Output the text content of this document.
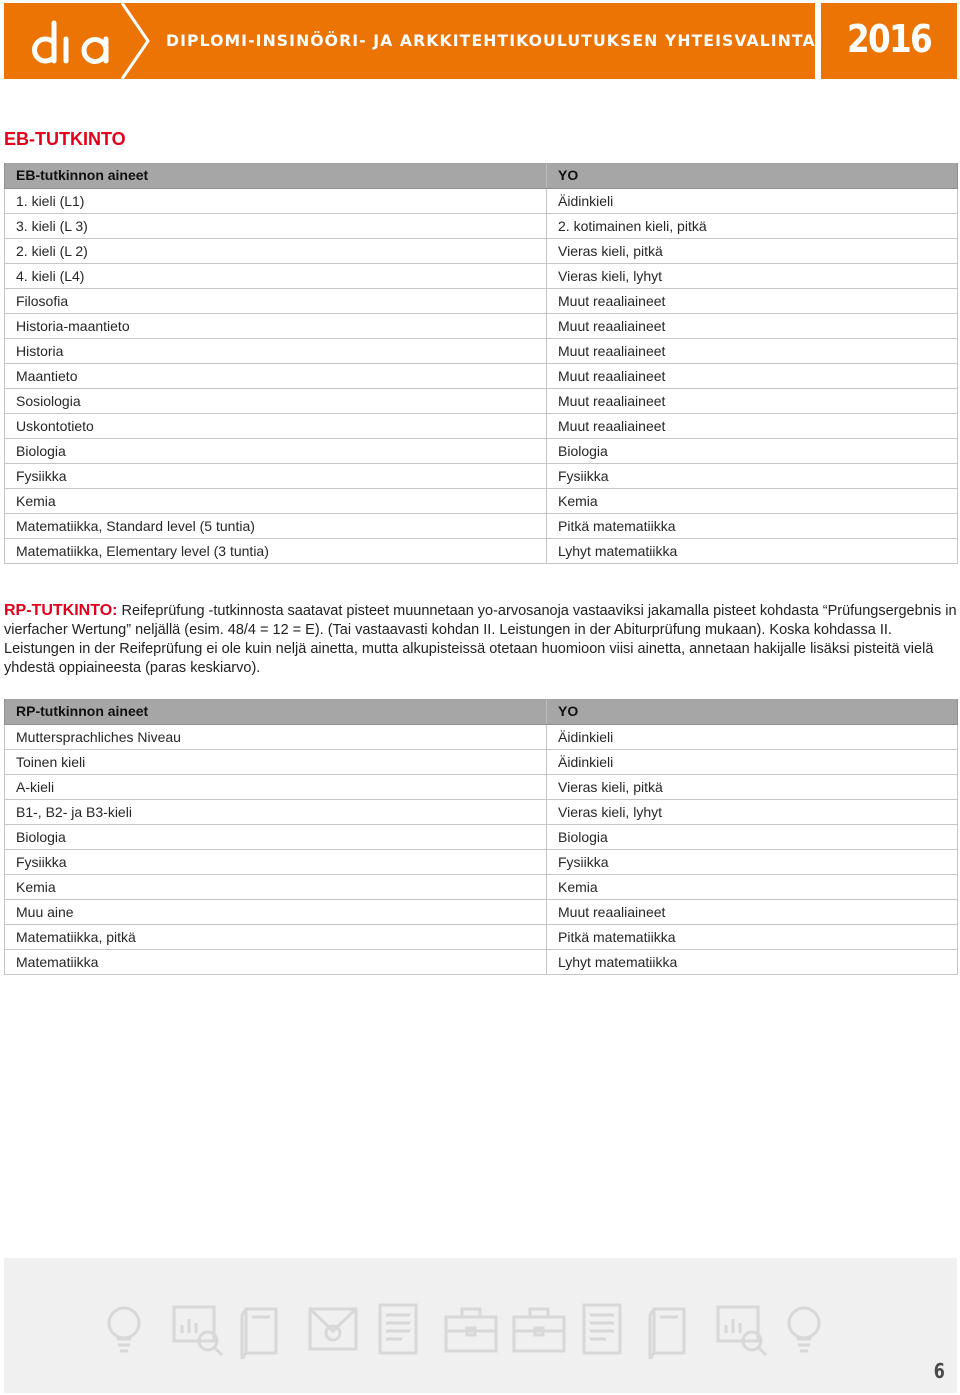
DIPLOMI-INSINÖÖRI- JA ARKKITEHTIKOULUTUKSEN YHTEISVALINTA 2016
EB-TUTKINTO
EB-tutkinnon aineet	YO
1. kieli (L1)	Äidinkieli
3. kieli (L 3)	2. kotimainen kieli, pitkä
2. kieli (L 2)	Vieras kieli, pitkä
4. kieli (L4)	Vieras kieli, lyhyt
Filosofia	Muut reaaliaineet
Historia-maantieto	Muut reaaliaineet
Historia	Muut reaaliaineet
Maantieto	Muut reaaliaineet
Sosiologia	Muut reaaliaineet
Uskontotieto	Muut reaaliaineet
Biologia	Biologia
Fysiikka	Fysiikka
Kemia	Kemia
Matematiikka, Standard level (5 tuntia)	Pitkä matematiikka
Matematiikka, Elementary level (3 tuntia)	Lyhyt matematiikka

RP-TUTKINTO: Reifeprüfung -tutkinnosta saatavat pisteet muunnetaan yo-arvosanoja vastaaviksi jakamalla pisteet kohdasta “Prüfungsergebnis in vierfacher Wertung” neljällä (esim. 48/4 = 12 = E). (Tai vastaavasti kohdan II. Leistungen in der Abiturprüfung mukaan). Koska kohdassa II. Leistungen in der Reifeprüfung ei ole kuin neljä ainetta, mutta alkupisteissä otetaan huomioon viisi ainetta, annetaan hakijalle lisäksi pisteitä vielä yhdestä oppiaineesta (paras keskiarvo).

RP-tutkinnon aineet	YO
Muttersprachliches Niveau	Äidinkieli
Toinen kieli	Äidinkieli
A-kieli	Vieras kieli, pitkä
B1-, B2- ja B3-kieli	Vieras kieli, lyhyt
Biologia	Biologia
Fysiikka	Fysiikka
Kemia	Kemia
Muu aine	Muut reaaliaineet
Matematiikka, pitkä	Pitkä matematiikka
Matematiikka	Lyhyt matematiikka
6
